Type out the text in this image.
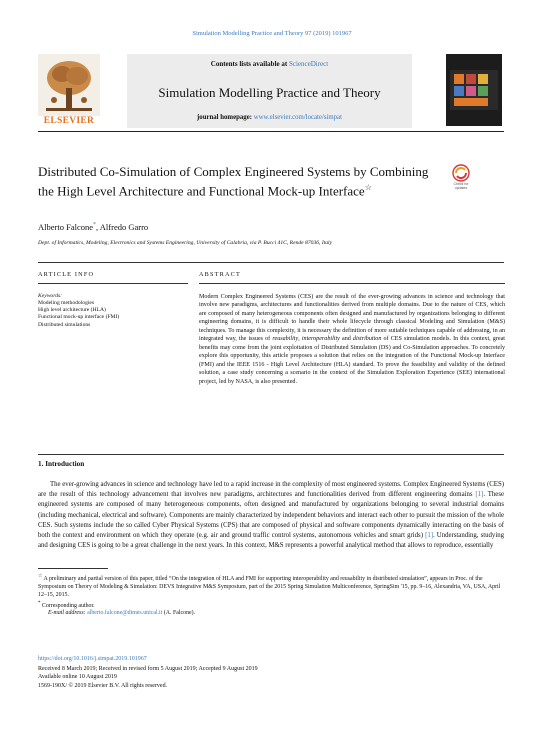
Simulation Modelling Practice and Theory 97 (2019) 101967
ELSEVIER
Contents lists available at ScienceDirect
Simulation Modelling Practice and Theory
journal homepage: www.elsevier.com/locate/simpat
Distributed Co-Simulation of Complex Engineered Systems by Combining the High Level Architecture and Functional Mock-up Interface☆	Check for updates
Alberto Falcone*, Alfredo Garro
Dept. of Informatics, Modeling, Electronics and Systems Engineering, University of Calabria, via P. Bucci 41C, Rende 87036, Italy
ARTICLE INFO
Keywords:
Modeling methodologies
High level architecture (HLA)
Functional mock-up interface (FMI)
Distributed simulations
ABSTRACT
Modern Complex Engineered Systems (CES) are the result of the ever-growing advances in science and technology that involve new paradigms, architectures and functionalities derived from multiple domains. Due to the nature of CES, which are composed of many heterogeneous components often designed and manufactured by organizations belonging to different engineering domains, it is difficult to handle their whole lifecycle through classical Modeling and Simulation (M&S) techniques. To manage this complexity, it is necessary the definition of more suitable techniques capable of addressing, in an integrated way, the issues of reusability, interoperability and distribution of CES simulation models. In this context, great benefits may come from the joint exploitation of Distributed Simulation (DS) and Co-Simulation approaches. To concretely explore this opportunity, this article proposes a solution that relies on the integration of the Functional Mock-up Interface (FMI) and the IEEE 1516 - High Level Architecture (HLA) standard. To prove the feasibility and validity of the defined solution, a case study concerning a scenario in the context of the Simulation Exploration Experience (SEE) international project, led by NASA, is also presented.
1. Introduction
The ever-growing advances in science and technology have led to a rapid increase in the complexity of most engineered systems. Complex Engineered Systems (CES) are the result of this technology advancement that involves new paradigms, architectures and functionalities derived from different engineering domains [1]. These engineered systems are composed of many heterogeneous components, often designed and manufactured by organizations belonging to several industrial domains (including mechanical, electrical and software). Components are mainly characterized by independent behaviors and interact each other to pursuit the mission of the whole CES. Such systems include the so called Cyber Physical Systems (CPS) that are composed of physical and software components dynamically interacting on the basis of both the context and environment on which they operate (e.g. air and ground traffic control systems, autonomous vehicles and smart grids) [1]. Understanding, studying and designing CES is going to be a great challenge in the next years. In this context, M&S represents a powerful analytical method that allows to reproduce, essentially
☆ A preliminary and partial version of this paper, titled “On the integration of HLA and FMI for supporting interoperability and reusability in distributed simulation”, appears in Proc. of the Symposium on Theory of Modeling & Simulation: DEVS Integrative M&S Symposium, part of the 2015 Spring Simulation Multiconference, SpringSim '15, pp. 9–16, Alexandria, VA, USA, April 12–15, 2015.
* Corresponding author.
E-mail address: alberto.falcone@dimes.unical.it (A. Falcone).
https://doi.org/10.1016/j.simpat.2019.101967
Received 8 March 2019; Received in revised form 5 August 2019; Accepted 9 August 2019
Available online 10 August 2019
1569-190X/ © 2019 Elsevier B.V. All rights reserved.
